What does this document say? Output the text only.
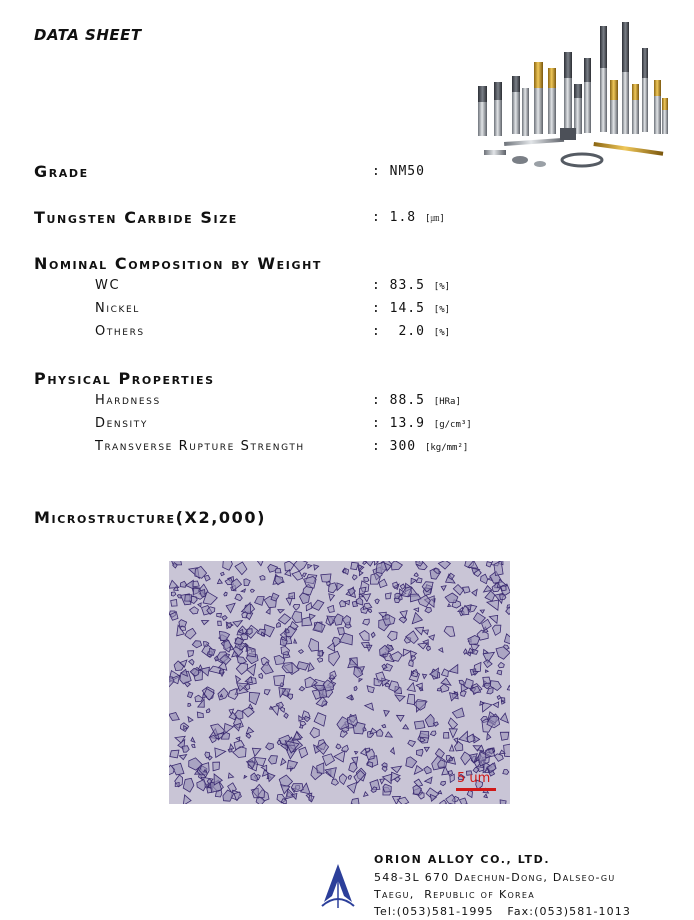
DATA SHEET
Grade	: NM50
Tungsten Carbide Size	: 1.8 [㎛]
Nominal Composition by Weight
WC	: 83.5 [%]
Nickel	: 14.5 [%]
Others	:  2.0 [%]
Physical Properties
Hardness	: 88.5 [HRa]
Density	: 13.9 [g/cm³]
Transverse Rupture Strength	: 300 [kg/mm²]
Microstructure(X2,000)
5 um
ORION ALLOY CO., LTD.
548-3L 670 Daechun-Dong, Dalseo-gu
Taegu,  Republic of Korea
Tel:(053)581-1995   Fax:(053)581-1013
